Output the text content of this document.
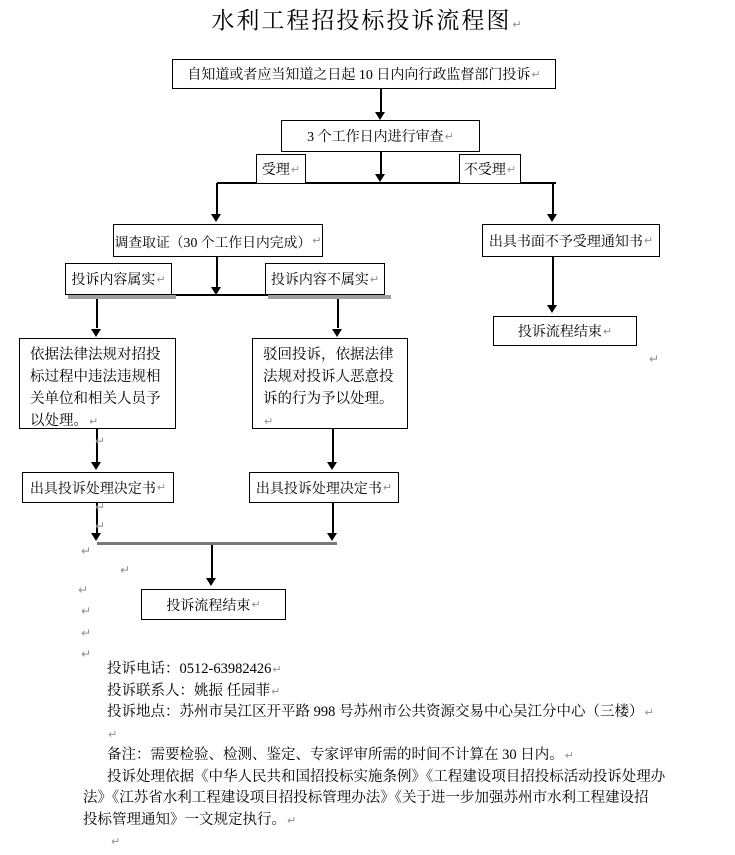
水利工程招投标投诉流程图↵
自知道或者应当知道之日起 10 日内向行政监督部门投诉 ↵
3 个工作日内进行审查 ↵
受理 ↵	不受理 ↵
调查取证（30 个工作日内完成） ↵	出具书面不予受理通知书 ↵
投诉内容属实 ↵	投诉内容不属实 ↵
投诉流程结束 ↵
依据法律法规对招投标过程中违法违规相关单位和相关人员予以处理。↵
驳回投诉，依据法律法规对投诉人恶意投诉的行为予以处理。↵
出具投诉处理决定书 ↵	出具投诉处理决定书 ↵
投诉流程结束 ↵
↵
↵
↵
↵
↵
↵
↵
↵
↵
↵
投诉电话：0512-63982426↵
投诉联系人：姚振 任园菲↵
投诉地点：苏州市吴江区开平路 998 号苏州市公共资源交易中心吴江分中心（三楼）↵
↵
备注：需要检验、检测、鉴定、专家评审所需的时间不计算在 30 日内。↵
投诉处理依据《中华人民共和国招投标实施条例》《工程建设项目招投标活动投诉处理办
法》《江苏省水利工程建设项目招投标管理办法》《关于进一步加强苏州市水利工程建设招
投标管理通知》一文规定执行。↵
↵
